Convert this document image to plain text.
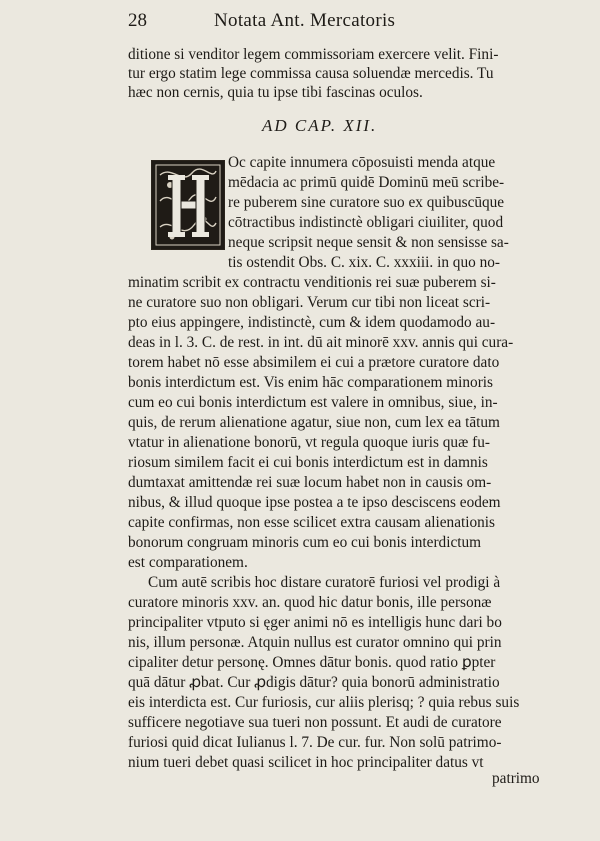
28	Notata Ant. Mercatoris
ditione si venditor legem commissoriam exercere velit. Fini-
tur ergo statim lege commissa causa soluendæ mercedis. Tu
hæc non cernis, quia tu ipse tibi fascinas oculos.
AD CAP. XII.
Oc capite innumera cōposuisti menda atque
mēdacia ac primū quidē Dominū meū scribe-
re puberem sine curatore suo ex quibuscūque
cōtractibus indistinctè obligari ciuiliter, quod
neque scripsit neque sensit & non sensisse sa-
tis ostendit Obs. C. xix. C. xxxiii. in quo no-
minatim scribit ex contractu venditionis rei suæ puberem si-
ne curatore suo non obligari. Verum cur tibi non liceat scri-
pto eius appingere, indistinctè, cum & idem quodamodo au-
deas in l. 3. C. de rest. in int. dū ait minorē xxv. annis qui cura-
torem habet nō esse absimilem ei cui a prætore curatore dato
bonis interdictum est. Vis enim hāc comparationem minoris
cum eo cui bonis interdictum est valere in omnibus, siue, in-
quis, de rerum alienatione agatur, siue non, cum lex ea tātum
vtatur in alienatione bonorū, vt regula quoque iuris quæ fu-
riosum similem facit ei cui bonis interdictum est in damnis
dumtaxat amittendæ rei suæ locum habet non in causis om-
nibus, & illud quoque ipse postea a te ipso desciscens eodem
capite confirmas, non esse scilicet extra causam alienationis
bonorum congruam minoris cum eo cui bonis interdictum
est comparationem.
Cum autē scribis hoc distare curatorē furiosi vel prodigi à
curatore minoris xxv. an. quod hic datur bonis, ille personæ
principaliter vtputo si ęger animi nō es intelligis hunc dari bo
nis, illum personæ. Atquin nullus est curator omnino qui prin
cipaliter detur personę. Omnes dātur bonis. quod ratio ꝑpter
quā dātur ꝓbat. Cur ꝓdigis dātur? quia bonorū administratio
eis interdicta est. Cur furiosis, cur aliis plerisq; ? quia rebus suis
sufficere negotiave sua tueri non possunt. Et audi de curatore
furiosi quid dicat Iulianus l. 7. De cur. fur. Non solū patrimo-
nium tueri debet quasi scilicet in hoc principaliter datus vt
patrimo
